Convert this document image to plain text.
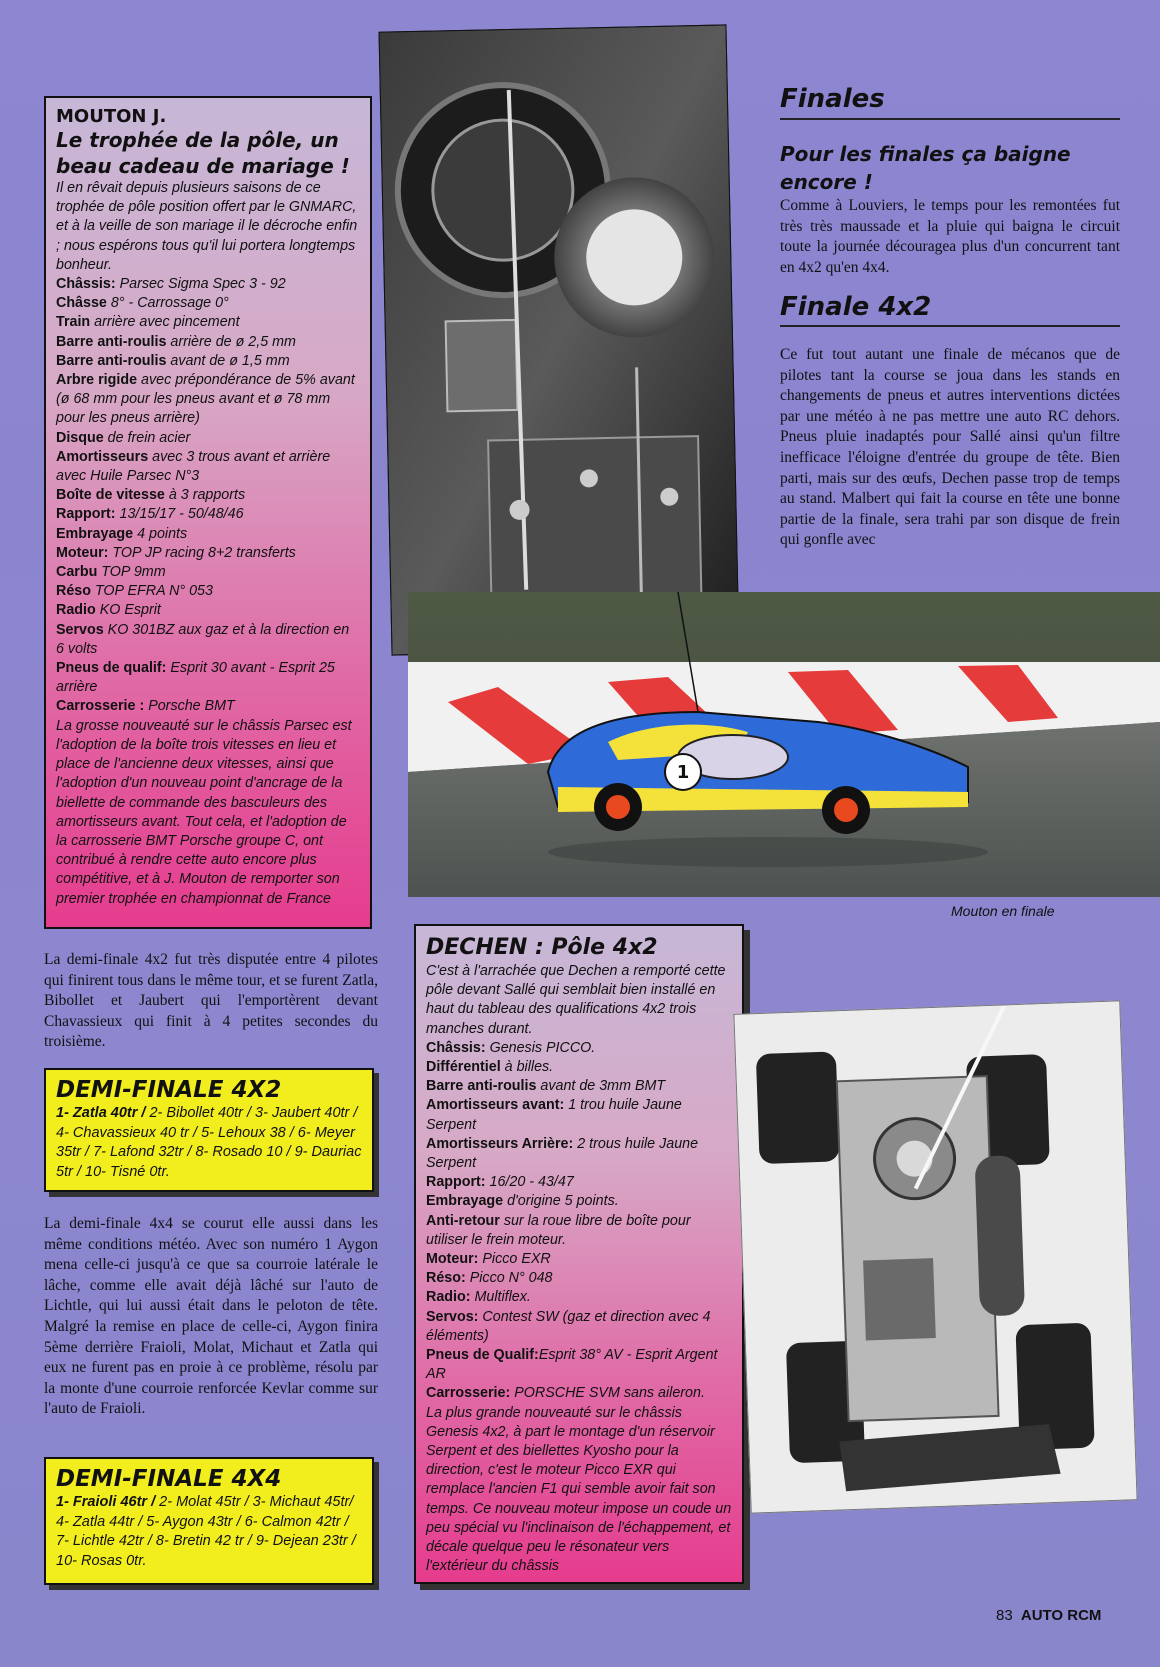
MOUTON J.
Le trophée de la pôle, un beau cadeau de mariage !
Il en rêvait depuis plusieurs saisons de ce trophée de pôle position offert par le GNMARC, et à la veille de son mariage il le décroche enfin ; nous espérons tous qu'il lui portera longtemps bonheur.
Châssis: Parsec Sigma Spec 3 - 92
Châsse 8° - Carrossage 0°
Train arrière avec pincement
Barre anti-roulis arrière de ø 2,5 mm
Barre anti-roulis avant de ø 1,5 mm
Arbre rigide avec prépondérance de 5% avant (ø 68 mm pour les pneus avant et ø 78 mm pour les pneus arrière)
Disque de frein acier
Amortisseurs avec 3 trous avant et arrière avec Huile Parsec N°3
Boîte de vitesse à 3 rapports
Rapport: 13/15/17 - 50/48/46
Embrayage 4 points
Moteur: TOP JP racing 8+2 transferts
Carbu TOP 9mm
Réso TOP EFRA N° 053
Radio KO Esprit
Servos KO 301BZ aux gaz et à la direction en 6 volts
Pneus de qualif: Esprit 30 avant - Esprit 25 arrière
Carrosserie : Porsche BMT
La grosse nouveauté sur le châssis Parsec est l'adoption de la boîte trois vitesses en lieu et place de l'ancienne deux vitesses, ainsi que l'adoption d'un nouveau point d'ancrage de la biellette de commande des basculeurs des amortisseurs avant. Tout cela, et l'adoption de la carrosserie BMT Porsche groupe C, ont contribué à rendre cette auto encore plus compétitive, et à J. Mouton de remporter son premier trophée en championnat de France
Finales
Pour les finales ça baigne encore !
Comme à Louviers, le temps pour les remontées fut très très maussade et la pluie qui baigna le circuit toute la journée découragea plus d'un concurrent tant en 4x2 qu'en 4x4.
Finale 4x2
Ce fut tout autant une finale de mécanos que de pilotes tant la course se joua dans les stands en changements de pneus et autres interventions dictées par une météo à ne pas mettre une auto RC dehors. Pneus pluie inadaptés pour Sallé ainsi qu'un filtre inefficace l'éloigne d'entrée du groupe de tête. Bien parti, mais sur des œufs, Dechen passe trop de temps au stand. Malbert qui fait la course en tête une bonne partie de la finale, sera trahi par son disque de frein qui gonfle avec
1
Mouton en finale
La demi-finale 4x2 fut très disputée entre 4 pilotes qui finirent tous dans le même tour, et se furent Zatla, Bibollet et Jaubert qui l'emportèrent devant Chavassieux qui finit à 4 petites secondes du troisième.
DEMI-FINALE 4X2
1- Zatla 40tr / 2- Bibollet 40tr / 3- Jaubert 40tr / 4- Chavassieux 40 tr / 5- Lehoux 38 / 6- Meyer 35tr / 7- Lafond 32tr / 8- Rosado 10 / 9- Dauriac 5tr / 10- Tisné 0tr.
La demi-finale 4x4 se courut elle aussi dans les même conditions météo. Avec son numéro 1 Aygon mena celle-ci jusqu'à ce que sa courroie latérale le lâche, comme elle avait déjà lâché sur l'auto de Lichtle, qui lui aussi était dans le peloton de tête. Malgré la remise en place de celle-ci, Aygon finira 5ème derrière Fraioli, Molat, Michaut et Zatla qui eux ne furent pas en proie à ce problème, résolu par la monte d'une courroie renforcée Kevlar comme sur l'auto de Fraioli.
DEMI-FINALE 4X4
1- Fraioli 46tr / 2- Molat 45tr / 3- Michaut 45tr/ 4- Zatla 44tr / 5- Aygon 43tr / 6- Calmon 42tr / 7- Lichtle 42tr / 8- Bretin 42 tr / 9- Dejean 23tr / 10- Rosas 0tr.
DECHEN : Pôle 4x2
C'est à l'arrachée que Dechen a remporté cette pôle devant Sallé qui semblait bien installé en haut du tableau des qualifications 4x2 trois manches durant.
Châssis: Genesis PICCO.
Différentiel à billes.
Barre anti-roulis avant de 3mm BMT
Amortisseurs avant: 1 trou huile Jaune Serpent
Amortisseurs Arrière: 2 trous huile Jaune Serpent
Rapport: 16/20 - 43/47
Embrayage d'origine 5 points.
Anti-retour sur la roue libre de boîte pour utiliser le frein moteur.
Moteur: Picco EXR
Réso: Picco N° 048
Radio: Multiflex.
Servos: Contest SW (gaz et direction avec 4 éléments)
Pneus de Qualif:Esprit 38° AV - Esprit Argent AR
Carrosserie: PORSCHE SVM sans aileron.
La plus grande nouveauté sur le châssis Genesis 4x2, à part le montage d'un réservoir Serpent et des biellettes Kyosho pour la direction, c'est le moteur Picco EXR qui remplace l'ancien F1 qui semble avoir fait son temps. Ce nouveau moteur impose un coude un peu spécial vu l'inclinaison de l'échappement, et décale quelque peu le résonateur vers l'extérieur du châssis
83 AUTO RCM
